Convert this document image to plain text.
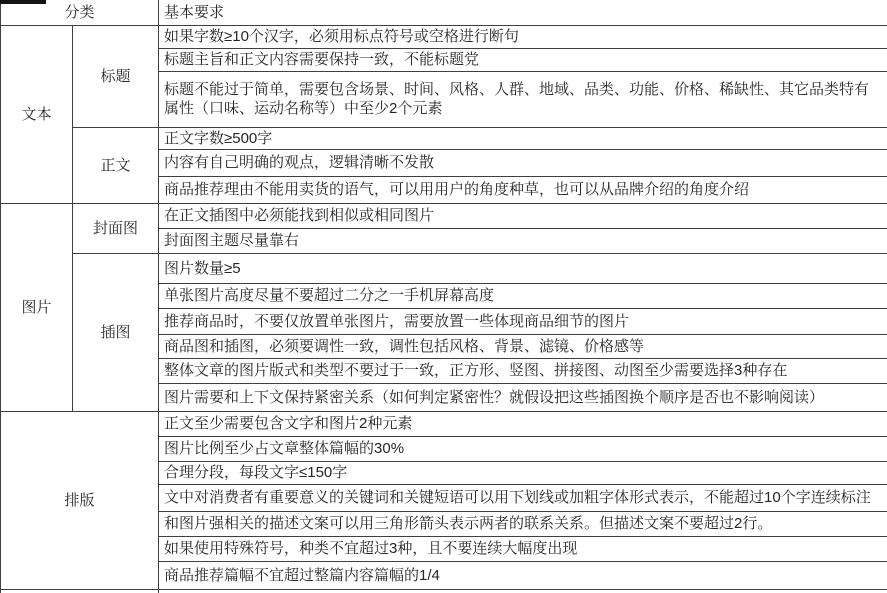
分类		基本要求
文本	标题	如果字数≥10个汉字，必须用标点符号或空格进行断句
		标题主旨和正文内容需要保持一致，不能标题党
		标题不能过于简单，需要包含场景、时间、风格、人群、地域、品类、功能、价格、稀缺性、其它品类特有属性（口味、运动名称等）中至少2个元素
	正文	正文字数≥500字
		内容有自己明确的观点，逻辑清晰不发散
		商品推荐理由不能用卖货的语气，可以用用户的角度种草，也可以从品牌介绍的角度介绍
图片	封面图	在正文插图中必须能找到相似或相同图片
		封面图主题尽量靠右
	插图	图片数量≥5
		单张图片高度尽量不要超过二分之一手机屏幕高度
		推荐商品时，不要仅放置单张图片，需要放置一些体现商品细节的图片
		商品图和插图，必须要调性一致，调性包括风格、背景、滤镜、价格感等
		整体文章的图片版式和类型不要过于一致，正方形、竖图、拼接图、动图至少需要选择3种存在
		图片需要和上下文保持紧密关系（如何判定紧密性？就假设把这些插图换个顺序是否也不影响阅读）
排版		正文至少需要包含文字和图片2种元素
		图片比例至少占文章整体篇幅的30%
		合理分段，每段文字≤150字
		文中对消费者有重要意义的关键词和关键短语可以用下划线或加粗字体形式表示，不能超过10个字连续标注
		和图片强相关的描述文案可以用三角形箭头表示两者的联系关系。但描述文案不要超过2行。
		如果使用特殊符号，种类不宜超过3种，且不要连续大幅度出现
		商品推荐篇幅不宜超过整篇内容篇幅的1/4
